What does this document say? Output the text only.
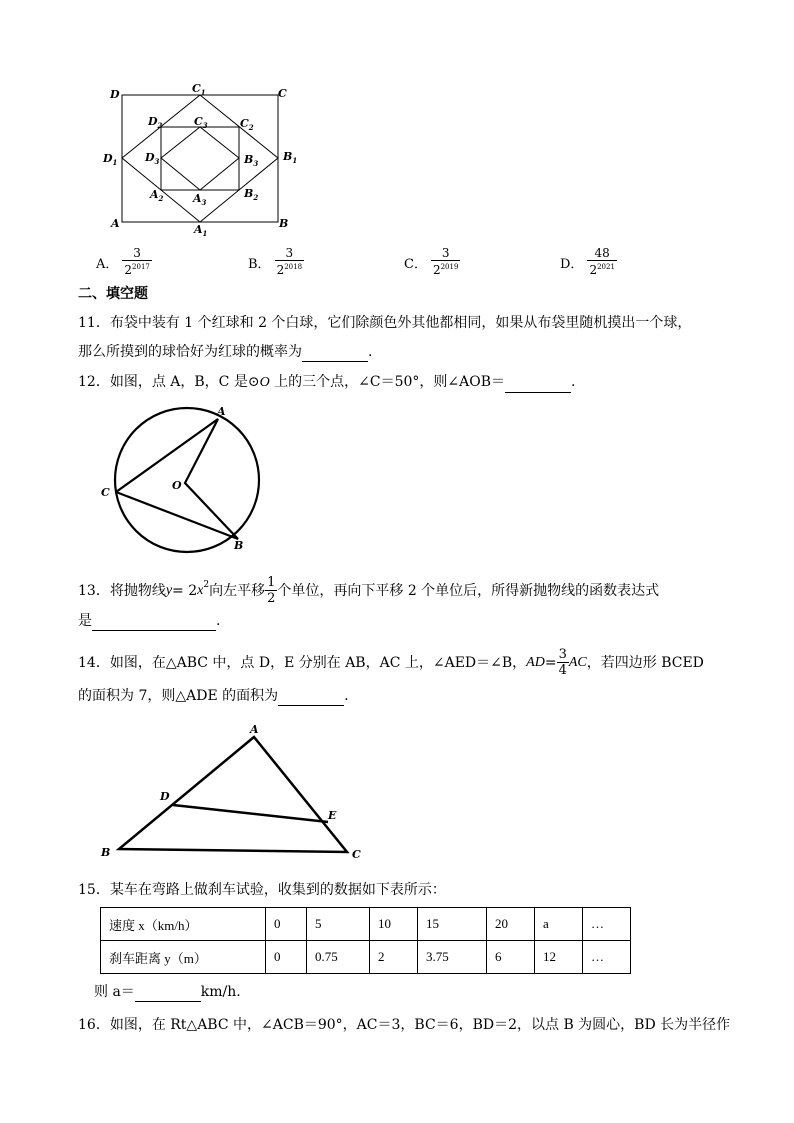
D	$C_1$	C
$D_2$	$C_3$	$C_2$
$D_1$	$D_3$	$B_3$
$B_1$
$A_2$	$A_3$
$B_2$
A	$A_1$
B
A． $\frac{3}{2^{2017}}$	B． $\frac{3}{2^{2018}}$	C． $\frac{3}{2^{2019}}$	D． $\frac{48}{2^{2021}}$
二、填空题
11．布袋中装有 1 个红球和 2 个白球，它们除颜色外其他都相同，如果从布袋里随机摸出一个球，
那么所摸到的球恰好为红球的概率为	.
12．如图，点 A，B，C 是⊙O 上的三个点，∠C＝50°，则∠AOB＝	.
A
B
C
O
13．将抛物线 y = 2 $x^2$ 向左平移 $\frac{1}{2}$ 个单位，再向下平移 2 个单位后，所得新抛物线的函数表达式
是	.
14．如图，在△ABC 中，点 D，E 分别在 AB，AC 上，∠AED＝∠B， AD = $\frac{3}{4}$ AC ，若四边形 BCED
的面积为 7，则△ADE 的面积为	.
A
B	C
D
E
15．某车在弯路上做刹车试验，收集到的数据如下表所示：
速度 x（km/h）	0	5	10	15	20	a	…
刹车距离 y（m）	0	0.75	2	3.75	6	12	…
则 a＝	km/h.
16．如图，在 Rt△ABC 中，∠ACB＝90°，AC＝3，BC＝6，BD＝2，以点 B 为圆心，BD 长为半径作
